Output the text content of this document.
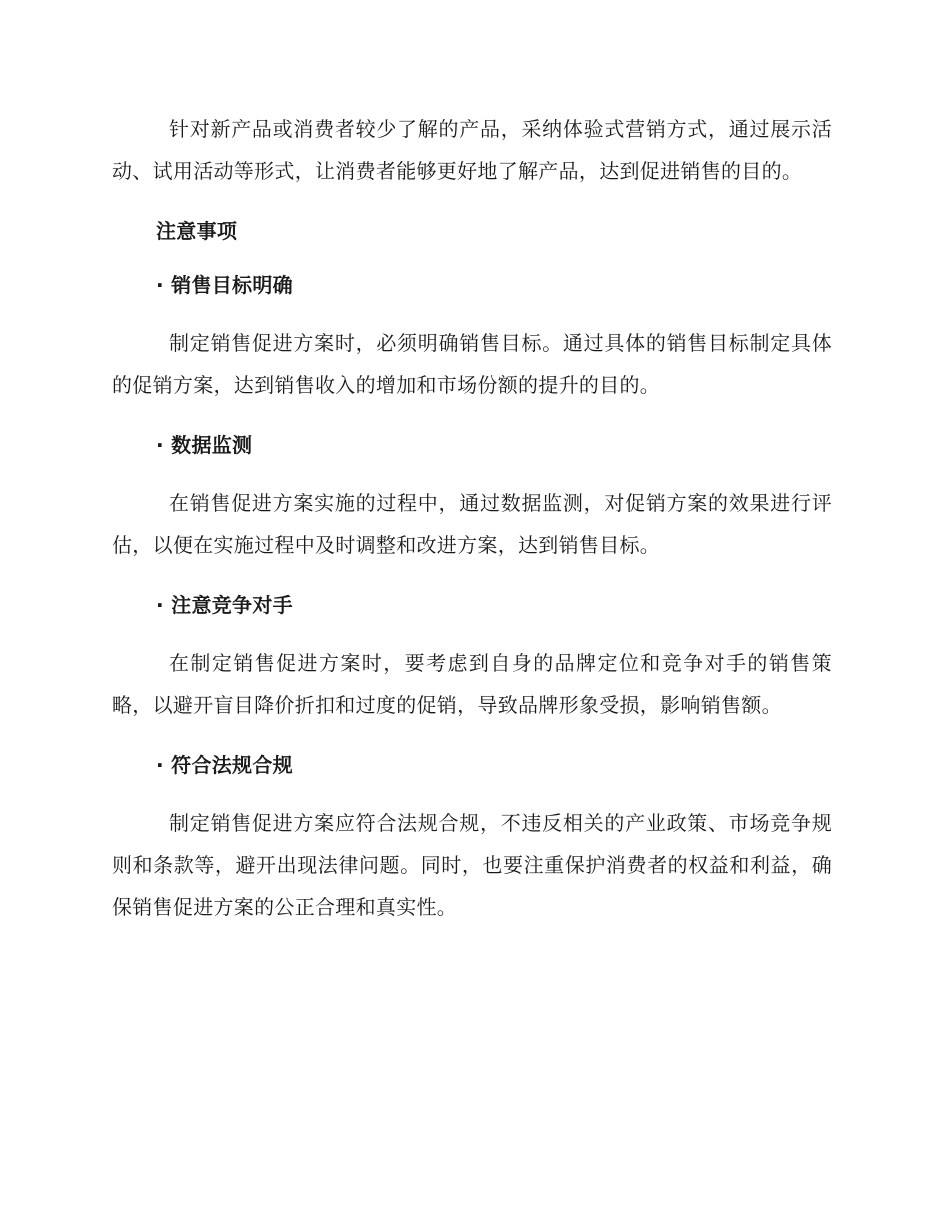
针对新产品或消费者较少了解的产品，采纳体验式营销方式，通过展示活动、试用活动等形式，让消费者能够更好地了解产品，达到促进销售的目的。

注意事项

· 销售目标明确

制定销售促进方案时，必须明确销售目标。通过具体的销售目标制定具体的促销方案，达到销售收入的增加和市场份额的提升的目的。

· 数据监测

在销售促进方案实施的过程中，通过数据监测，对促销方案的效果进行评估，以便在实施过程中及时调整和改进方案，达到销售目标。

· 注意竞争对手

在制定销售促进方案时，要考虑到自身的品牌定位和竞争对手的销售策略，以避开盲目降价折扣和过度的促销，导致品牌形象受损，影响销售额。

· 符合法规合规

制定销售促进方案应符合法规合规，不违反相关的产业政策、市场竞争规则和条款等，避开出现法律问题。同时，也要注重保护消费者的权益和利益，确保销售促进方案的公正合理和真实性。
